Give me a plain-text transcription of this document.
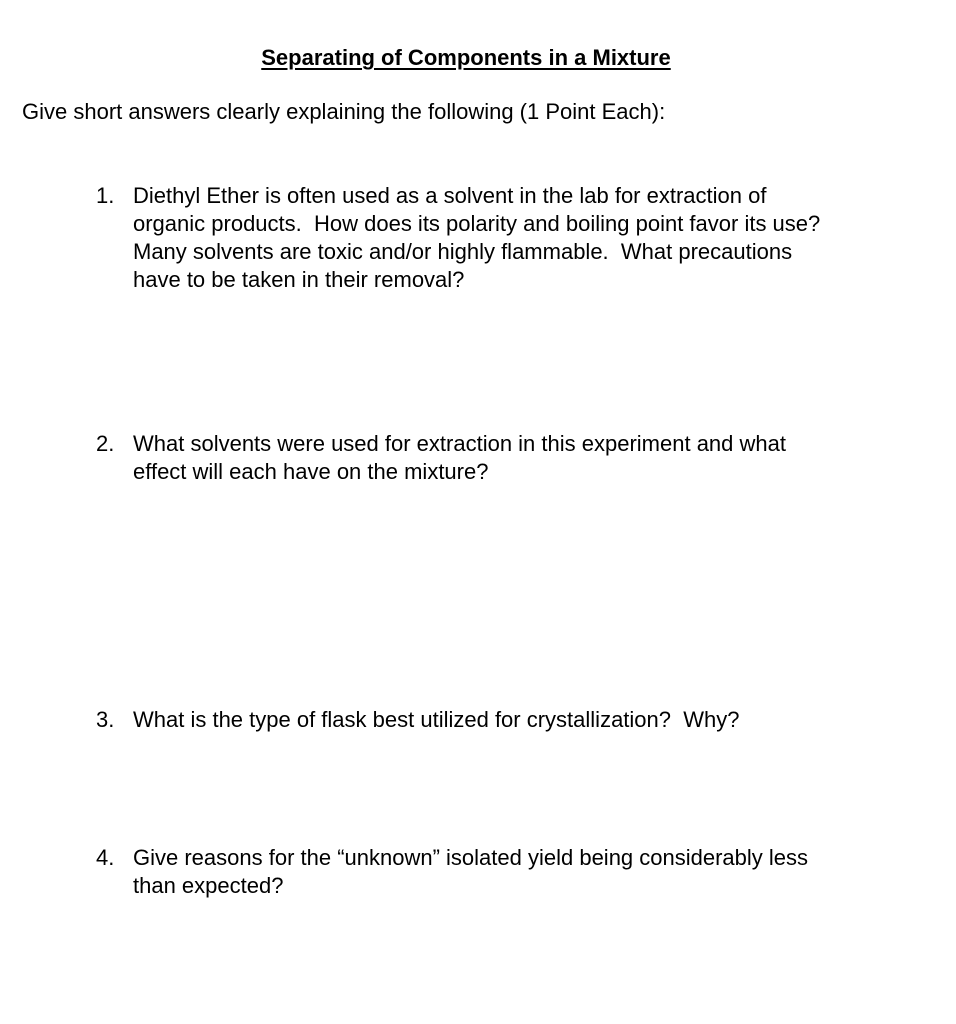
Separating of Components in a Mixture

Give short answers clearly explaining the following (1 Point Each):

1. Diethyl Ether is often used as a solvent in the lab for extraction of
organic products.  How does its polarity and boiling point favor its use?
Many solvents are toxic and/or highly flammable.  What precautions
have to be taken in their removal?
2. What solvents were used for extraction in this experiment and what
effect will each have on the mixture?
3. What is the type of flask best utilized for crystallization?  Why?
4. Give reasons for the “unknown” isolated yield being considerably less
than expected?
